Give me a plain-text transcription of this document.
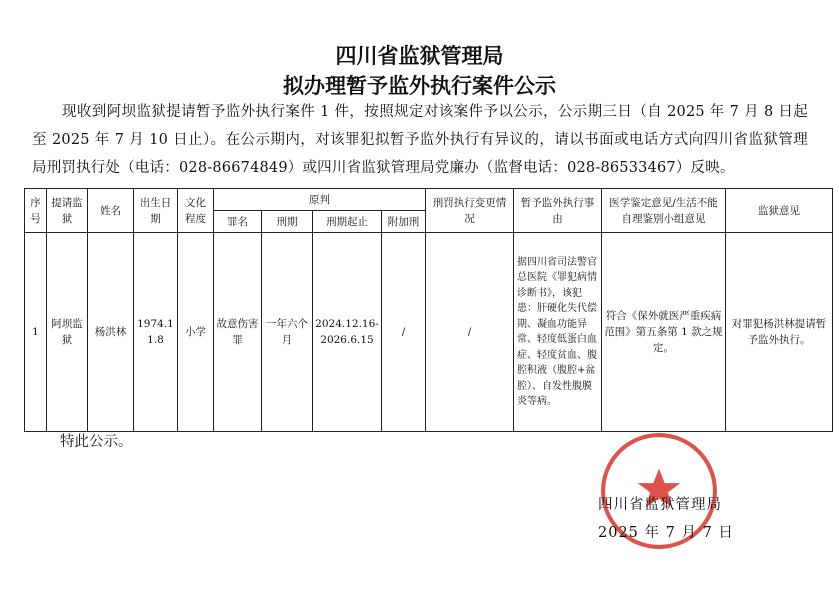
四川省监狱管理局
拟办理暂予监外执行案件公示
现收到阿坝监狱提请暂予监外执行案件 1 件，按照规定对该案件予以公示，公示期三日（自 2025 年 7 月 8 日起至 2025 年 7 月 10 日止）。在公示期内，对该罪犯拟暂予监外执行有异议的，请以书面或电话方式向四川省监狱管理局刑罚执行处（电话：028-86674849）或四川省监狱管理局党廉办（监督电话：028-86533467）反映。
序号	提请监狱	姓名	出生日期	文化程度	原判				刑罚执行变更情况	暂予监外执行事由	医学鉴定意见/生活不能自理鉴别小组意见	监狱意见
					罪名	刑期	刑期起止	附加刑				
1	阿坝监狱	杨洪林	1974.11.8	小学	故意伤害罪	一年六个月	2024.12.16-2026.6.15	/	/	据四川省司法警官总医院《罪犯病情诊断书》，该犯患：肝硬化失代偿期、凝血功能异常、轻度低蛋白血症、轻度贫血、腹腔积液（腹腔+盆腔）、自发性腹膜炎等病。	符合《保外就医严重疾病范围》第五条第 1 款之规定。	对罪犯杨洪林提请暂予监外执行。
特此公示。
四川省监狱管理局
2025 年 7 月 7 日
